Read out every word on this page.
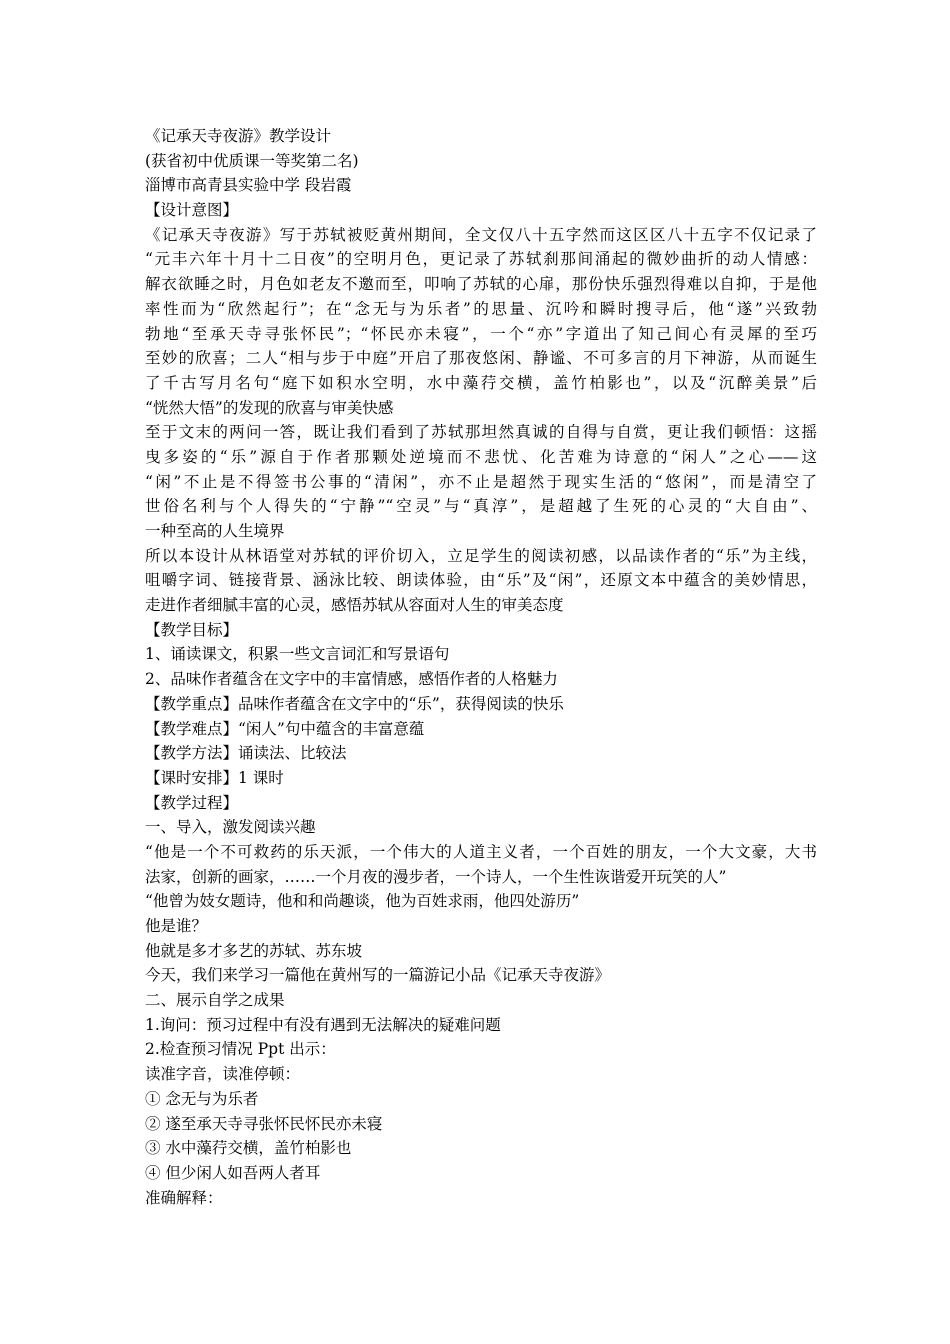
《记承天寺夜游》教学设计
(获省初中优质课一等奖第二名)
淄博市高青县实验中学 段岩霞
【设计意图】
《记承天寺夜游》写于苏轼被贬黄州期间，全文仅八十五字然而这区区八十五字不仅记录了
“元丰六年十月十二日夜”的空明月色，更记录了苏轼刹那间涌起的微妙曲折的动人情感：
解衣欲睡之时，月色如老友不邀而至，叩响了苏轼的心扉，那份快乐强烈得难以自抑，于是他
率性而为“欣然起行”；在“念无与为乐者”的思量、沉吟和瞬时搜寻后，他“遂”兴致勃
勃地“至承天寺寻张怀民”；“怀民亦未寝”，一个“亦”字道出了知己间心有灵犀的至巧
至妙的欣喜；二人“相与步于中庭”开启了那夜悠闲、静谧、不可多言的月下神游，从而诞生
了千古写月名句“庭下如积水空明，水中藻荇交横，盖竹柏影也”，以及“沉醉美景”后
“恍然大悟”的发现的欣喜与审美快感
至于文末的两问一答，既让我们看到了苏轼那坦然真诚的自得与自赏，更让我们顿悟：这摇
曳多姿的“乐”源自于作者那颗处逆境而不悲忧、化苦难为诗意的“闲人”之心——这
“闲”不止是不得签书公事的“清闲”，亦不止是超然于现实生活的“悠闲”，而是清空了
世俗名利与个人得失的“宁静”“空灵”与“真淳”，是超越了生死的心灵的“大自由”、
一种至高的人生境界
所以本设计从林语堂对苏轼的评价切入，立足学生的阅读初感，以品读作者的“乐”为主线，
咀嚼字词、链接背景、涵泳比较、朗读体验，由“乐”及“闲”，还原文本中蕴含的美妙情思，
走进作者细腻丰富的心灵，感悟苏轼从容面对人生的审美态度
【教学目标】
1、诵读课文，积累一些文言词汇和写景语句
2、品味作者蕴含在文字中的丰富情感，感悟作者的人格魅力
【教学重点】品味作者蕴含在文字中的“乐”，获得阅读的快乐
【教学难点】“闲人”句中蕴含的丰富意蕴
【教学方法】诵读法、比较法
【课时安排】1 课时
【教学过程】
一、导入，激发阅读兴趣
“他是一个不可救药的乐天派，一个伟大的人道主义者，一个百姓的朋友，一个大文豪，大书
法家，创新的画家，……一个月夜的漫步者，一个诗人，一个生性诙谐爱开玩笑的人”
“他曾为妓女题诗，他和和尚趣谈，他为百姓求雨，他四处游历”
他是谁？
他就是多才多艺的苏轼、苏东坡
今天，我们来学习一篇他在黄州写的一篇游记小品《记承天寺夜游》
二、展示自学之成果
1.询问：预习过程中有没有遇到无法解决的疑难问题
2.检查预习情况 Ppt 出示：
读准字音，读准停顿：
① 念无与为乐者
② 遂至承天寺寻张怀民怀民亦未寝
③ 水中藻荇交横，盖竹柏影也
④ 但少闲人如吾两人者耳
准确解释：
